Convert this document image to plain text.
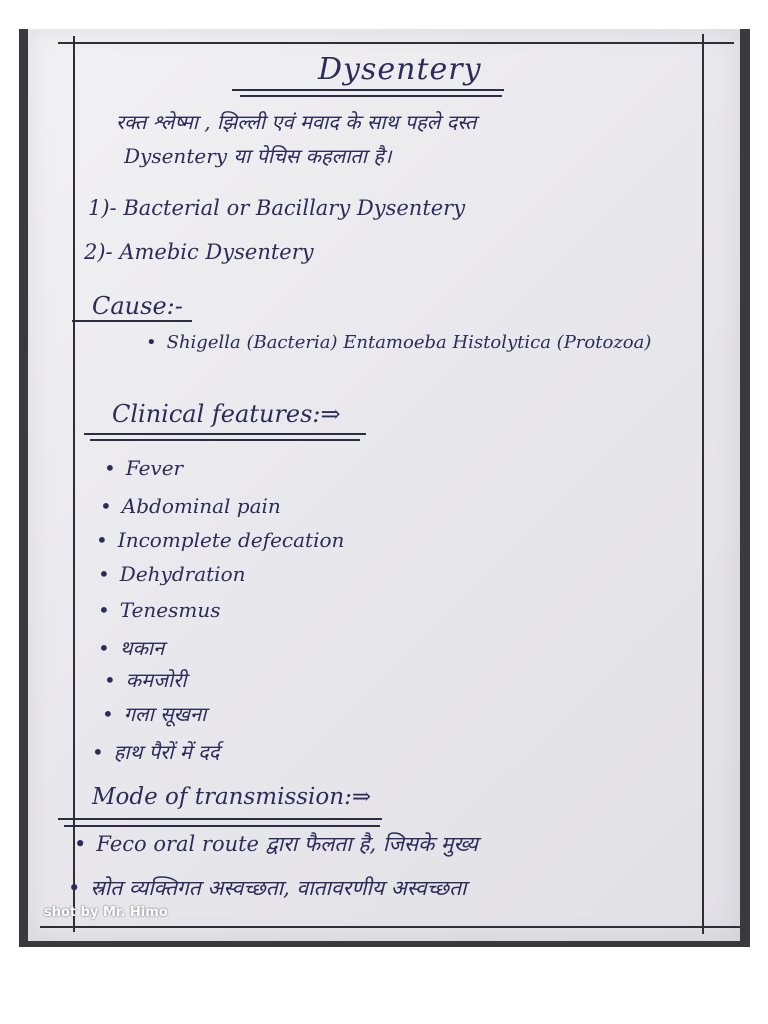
Dysentery
रक्त श्लेष्मा , झिल्ली एवं मवाद के साथ पहले दस्त
Dysentery या पेचिस कहलाता है।
1)- Bacterial or Bacillary Dysentery
2)- Amebic Dysentery
Cause:-
• Shigella (Bacteria) Entamoeba Histolytica (Protozoa)
Clinical features:⇒
• Fever
• Abdominal pain
• Incomplete defecation
• Dehydration
• Tenesmus
• थकान
• कमजोरी
• गला सूखना
• हाथ पैरों में दर्द
Mode of transmission:⇒
• Feco oral route द्वारा फैलता है, जिसके मुख्य
• स्रोत व्यक्तिगत अस्वच्छता, वातावरणीय अस्वच्छता
shot by Mr. Himo
